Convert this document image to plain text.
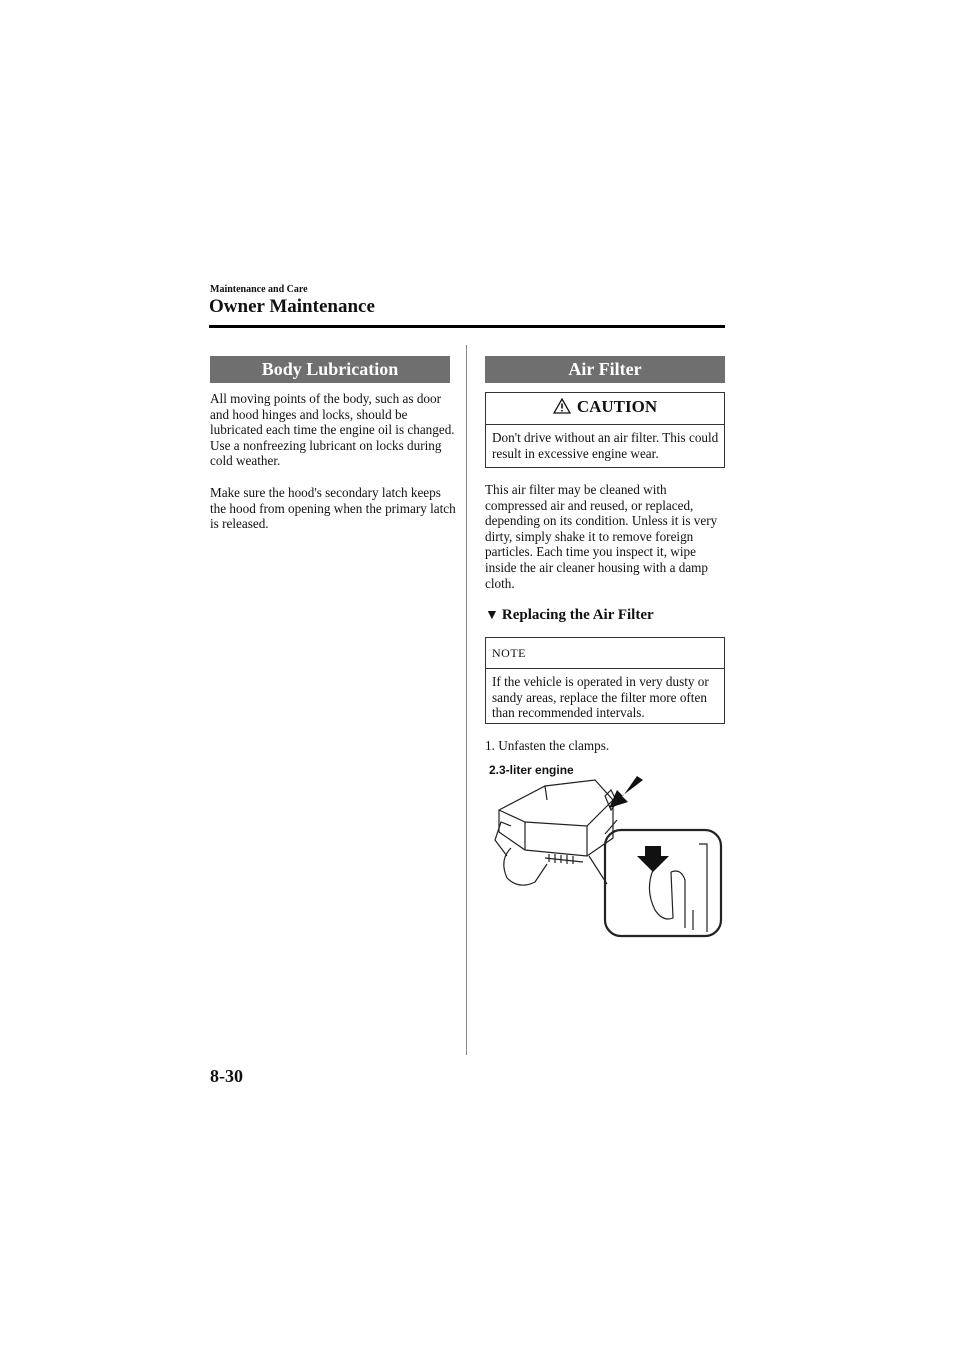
Maintenance and Care
Owner Maintenance
Body Lubrication
All moving points of the body, such as door and hood hinges and locks, should be lubricated each time the engine oil is changed. Use a nonfreezing lubricant on locks during cold weather.
Make sure the hood's secondary latch keeps the hood from opening when the primary latch is released.
Air Filter
CAUTION
Don't drive without an air filter. This could result in excessive engine wear.
This air filter may be cleaned with compressed air and reused, or replaced, depending on its condition. Unless it is very dirty, simply shake it to remove foreign particles. Each time you inspect it, wipe inside the air cleaner housing with a damp cloth.
▼ Replacing the Air Filter
NOTE
If the vehicle is operated in very dusty or sandy areas, replace the filter more often than recommended intervals.
1. Unfasten the clamps.
2.3-liter engine
8-30
